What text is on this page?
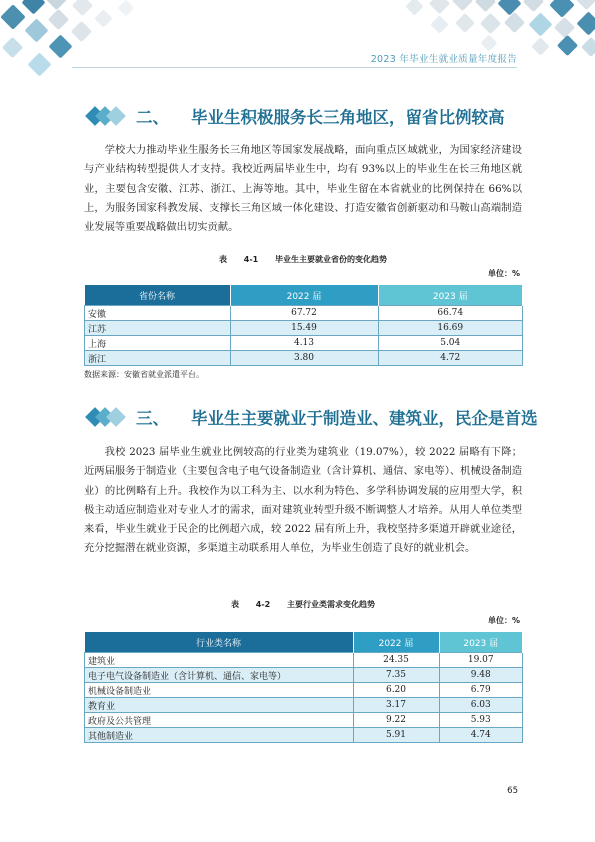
2023 年毕业生就业质量年度报告
二、 毕业生积极服务长三角地区，留省比例较高

学校大力推动毕业生服务长三角地区等国家发展战略，面向重点区域就业，为国家经济建设与产业结构转型提供人才支持。我校近两届毕业生中，均有 93%以上的毕业生在长三角地区就业，主要包含安徽、江苏、浙江、上海等地。其中，毕业生留在本省就业的比例保持在 66%以上，为服务国家科教发展、支撑长三角区域一体化建设、打造安徽省创新驱动和马鞍山高端制造业发展等重要战略做出切实贡献。

表 4-1 毕业生主要就业省份的变化趋势
单位：%
省份名称	2022 届	2023 届
安徽	67.72	66.74
江苏	15.49	16.69
上海	4.13	5.04
浙江	3.80	4.72
数据来源：安徽省就业派遣平台。
三、 毕业生主要就业于制造业、建筑业，民企是首选

我校 2023 届毕业生就业比例较高的行业类为建筑业（19.07%），较 2022 届略有下降；近两届服务于制造业（主要包含电子电气设备制造业（含计算机、通信、家电等）、机械设备制造业）的比例略有上升。我校作为以工科为主、以水利为特色、多学科协调发展的应用型大学，积极主动适应制造业对专业人才的需求，面对建筑业转型升级不断调整人才培养。从用人单位类型来看，毕业生就业于民企的比例超六成，较 2022 届有所上升，我校坚持多渠道开辟就业途径，充分挖掘潜在就业资源，多渠道主动联系用人单位，为毕业生创造了良好的就业机会。

表 4-2 主要行业类需求变化趋势
单位：%
行业类名称	2022 届	2023 届
建筑业	24.35	19.07
电子电气设备制造业（含计算机、通信、家电等）	7.35	9.48
机械设备制造业	6.20	6.79
教育业	3.17	6.03
政府及公共管理	9.22	5.93
其他制造业	5.91	4.74
65
